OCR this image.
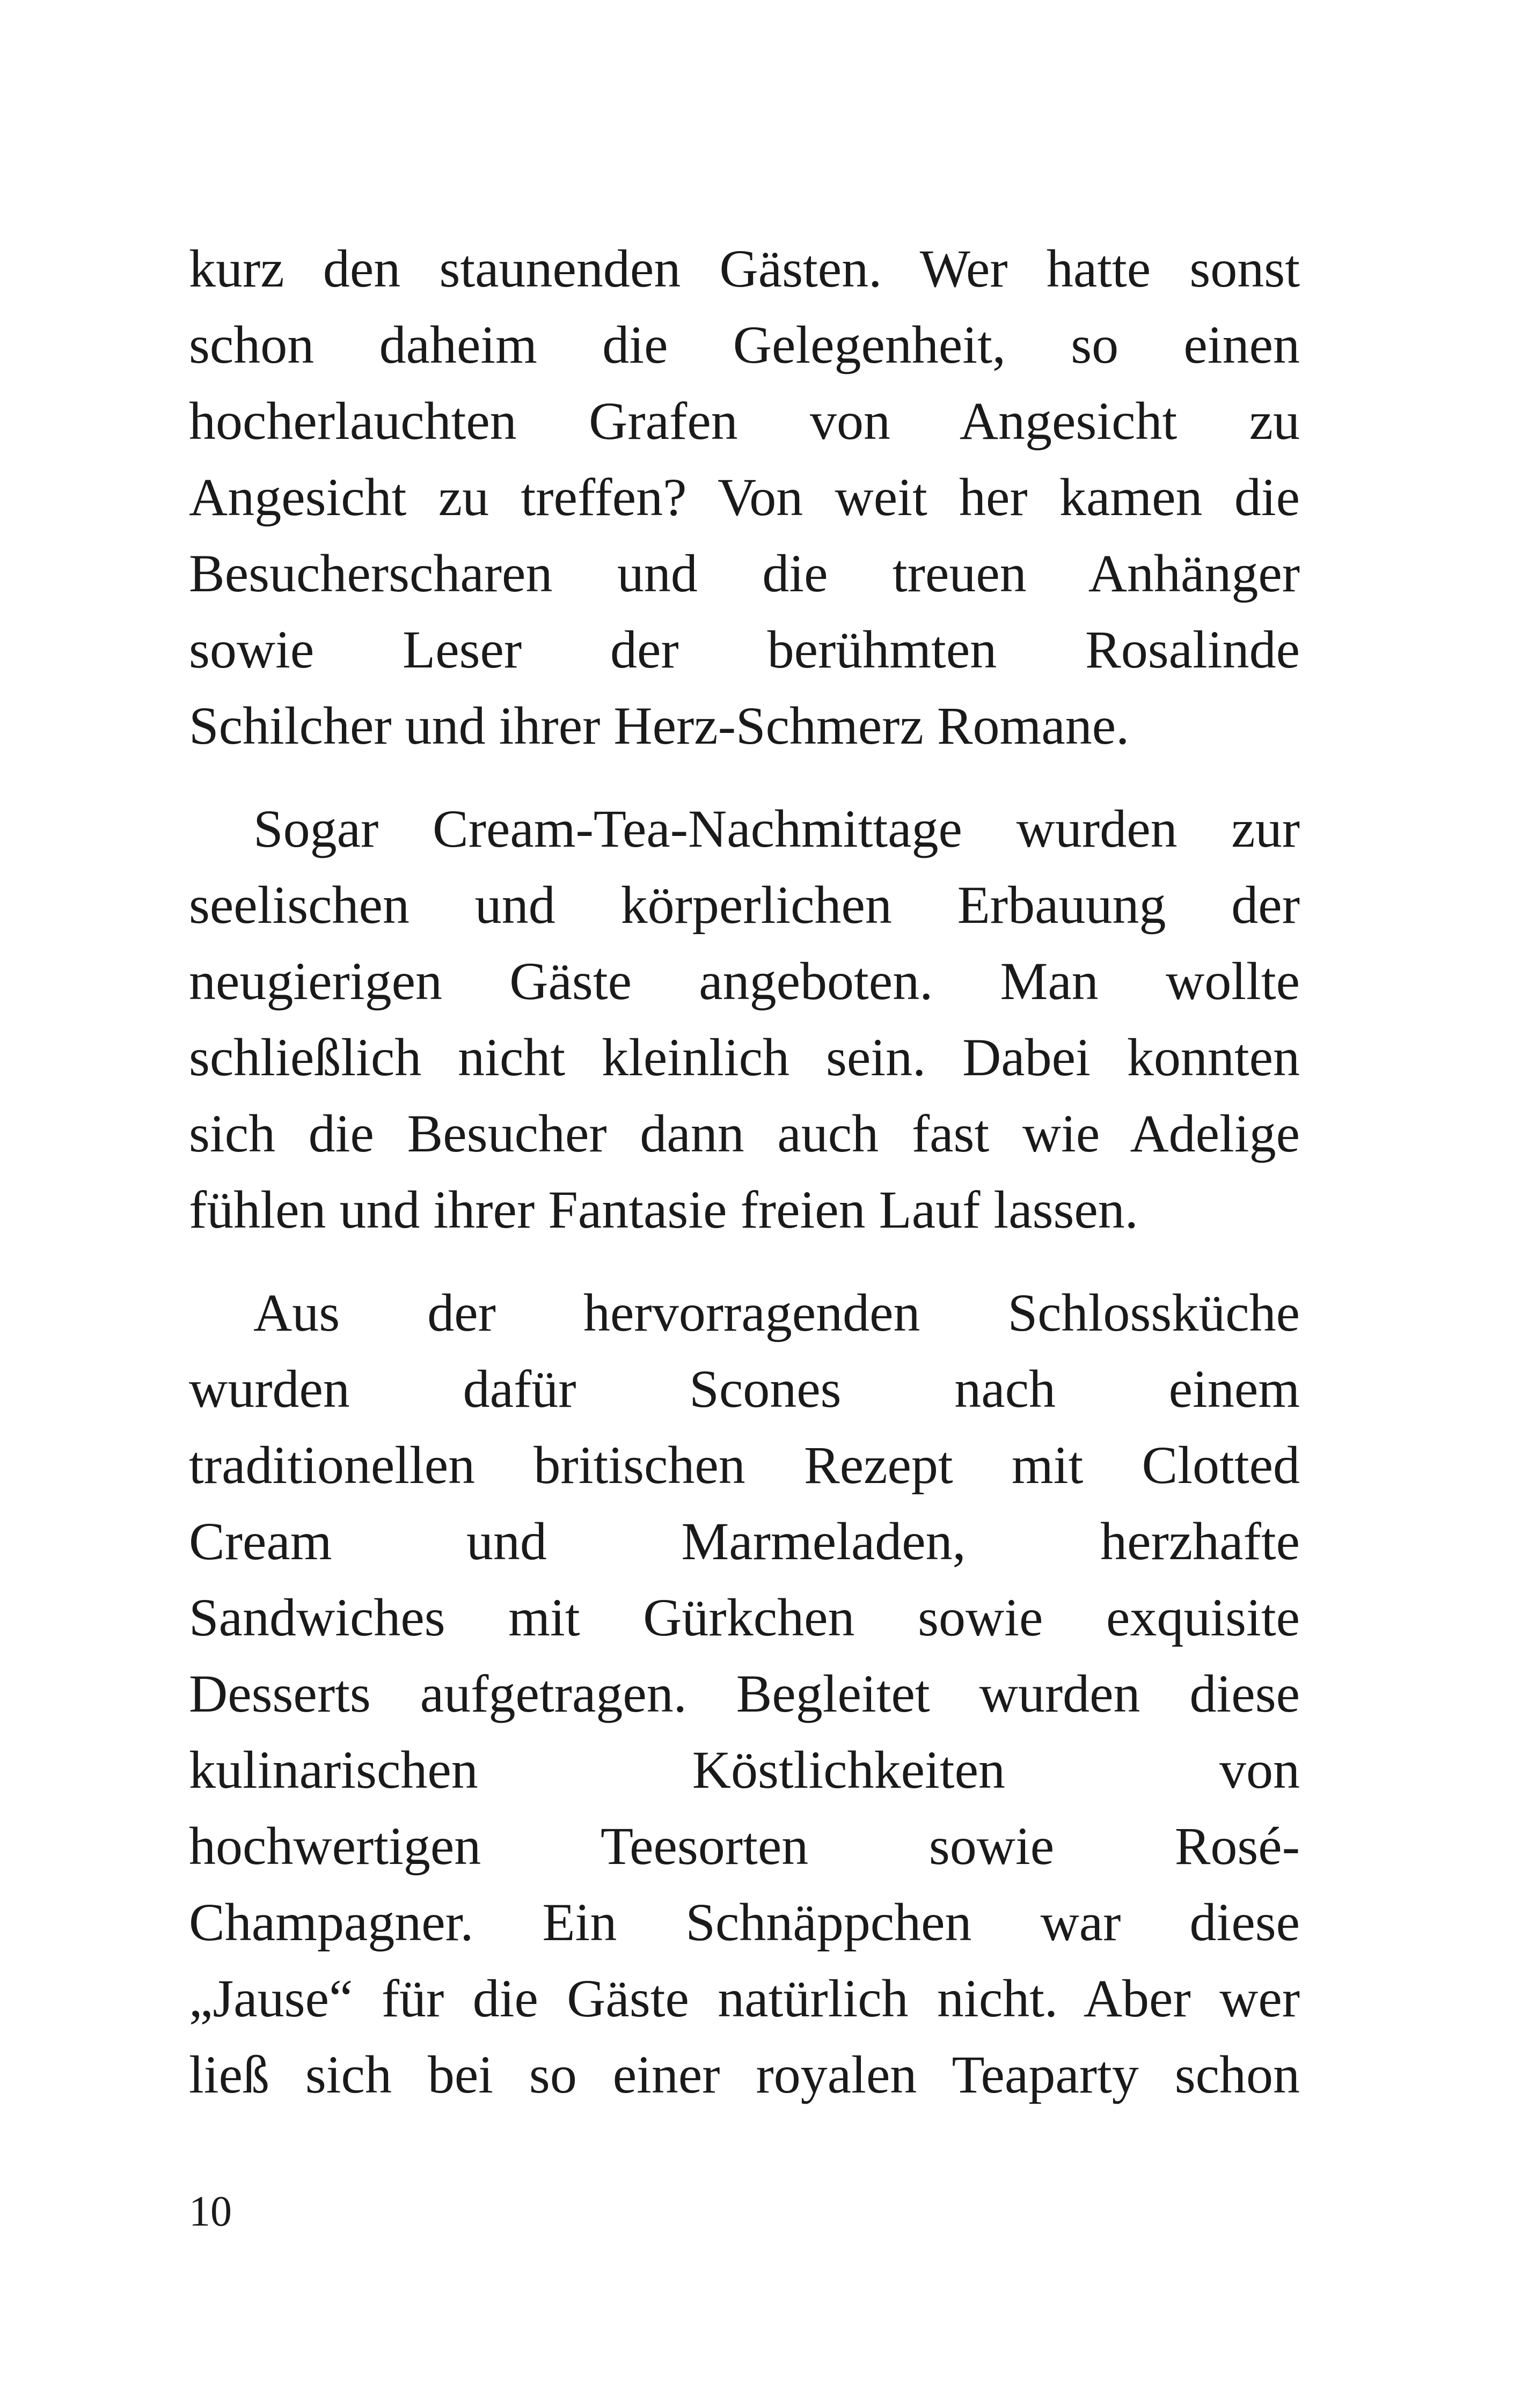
kurz den staunenden Gästen. Wer hatte sonst
schon daheim die Gelegenheit, so einen
hocherlauchten Grafen von Angesicht zu
Angesicht zu treffen? Von weit her kamen die
Besucherscharen und die treuen Anhänger
sowie Leser der berühmten Rosalinde
Schilcher und ihrer Herz-Schmerz Romane.
Sogar Cream-Tea-Nachmittage wurden zur
seelischen und körperlichen Erbauung der
neugierigen Gäste angeboten. Man wollte
schließlich nicht kleinlich sein. Dabei konnten
sich die Besucher dann auch fast wie Adelige
fühlen und ihrer Fantasie freien Lauf lassen.
Aus der hervorragenden Schlossküche
wurden dafür Scones nach einem
traditionellen britischen Rezept mit Clotted
Cream und Marmeladen, herzhafte
Sandwiches mit Gürkchen sowie exquisite
Desserts aufgetragen. Begleitet wurden diese
kulinarischen Köstlichkeiten von
hochwertigen Teesorten sowie Rosé-
Champagner. Ein Schnäppchen war diese
„Jause“ für die Gäste natürlich nicht. Aber wer
ließ sich bei so einer royalen Teaparty schon
10
